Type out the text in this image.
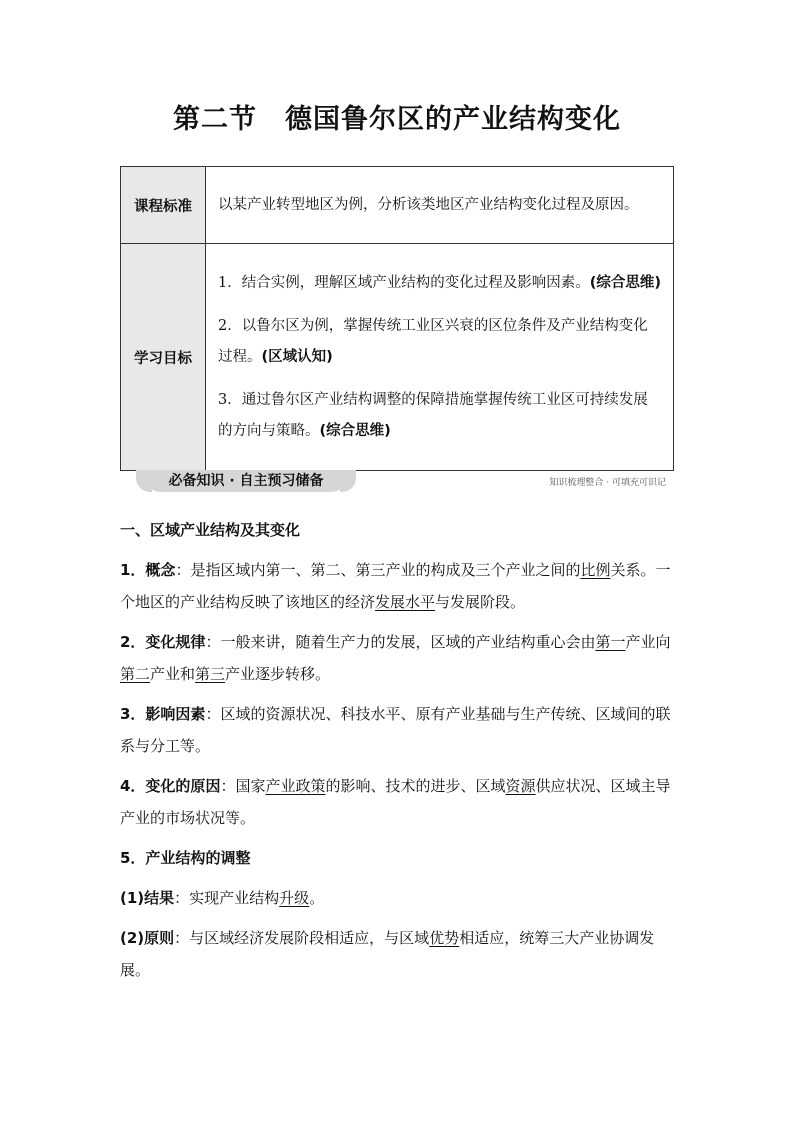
第二节 德国鲁尔区的产业结构变化
课程标准	以某产业转型地区为例，分析该类地区产业结构变化过程及原因。

学习目标	1．结合实例，理解区域产业结构的变化过程及影响因素。(综合思维)

2．以鲁尔区为例，掌握传统工业区兴衰的区位条件及产业结构变化过程。(区域认知)

3．通过鲁尔区产业结构调整的保障措施掌握传统工业区可持续发展的方向与策略。(综合思维)

必备知识 · 自主预习储备	知识梳理整合 · 可填充可识记

一、区域产业结构及其变化

1．概念：是指区域内第一、第二、第三产业的构成及三个产业之间的比例关系。一个地区的产业结构反映了该地区的经济发展水平与发展阶段。

2．变化规律：一般来讲，随着生产力的发展，区域的产业结构重心会由第一产业向第二产业和第三产业逐步转移。

3．影响因素：区域的资源状况、科技水平、原有产业基础与生产传统、区域间的联系与分工等。

4．变化的原因：国家产业政策的影响、技术的进步、区域资源供应状况、区域主导产业的市场状况等。

5．产业结构的调整

(1)结果：实现产业结构升级。

(2)原则：与区域经济发展阶段相适应，与区域优势相适应，统筹三大产业协调发展。
